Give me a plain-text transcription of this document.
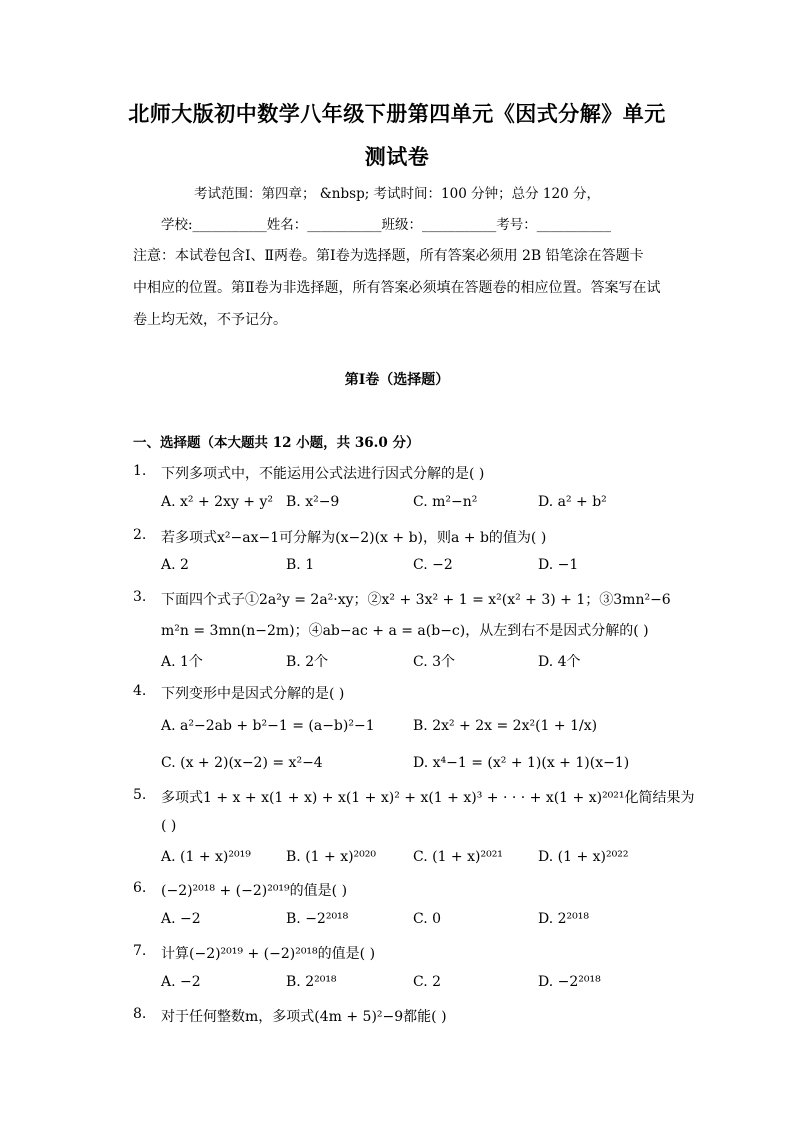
北师大版初中数学八年级下册第四单元《因式分解》单元
测试卷
考试范围：第四章； &nbsp; 考试时间：100 分钟；总分 120 分，
学校:___________姓名：___________班级：___________考号：___________
注意：本试卷包含Ⅰ、Ⅱ两卷。第Ⅰ卷为选择题，所有答案必须用 2B 铅笔涂在答题卡
中相应的位置。第Ⅱ卷为非选择题，所有答案必须填在答题卷的相应位置。答案写在试
卷上均无效，不予记分。
第Ⅰ卷（选择题）
一、选择题（本大题共 12 小题，共 36.0 分）
1. 下列多项式中，不能运用公式法进行因式分解的是( )
A. x² + 2xy + y² B. x²−9	C. m²−n²	D. a² + b²
2. 若多项式x²−ax−1可分解为(x−2)(x + b)，则a + b的值为( )
A. 2	B. 1	C. −2	D. −1
3. 下面四个式子①2a²y = 2a²·xy；②x² + 3x² + 1 = x²(x² + 3) + 1；③3mn²−6
m²n = 3mn(n−2m)；④ab−ac + a = a(b−c)，从左到右不是因式分解的( )
A. 1个	B. 2个	C. 3个	D. 4个
4. 下列变形中是因式分解的是( )
A. a²−2ab + b²−1 = (a−b)²−1	B. 2x² + 2x = 2x²(1 + 1/x)
C. (x + 2)(x−2) = x²−4	D. x⁴−1 = (x² + 1)(x + 1)(x−1)
5. 多项式1 + x + x(1 + x) + x(1 + x)² + x(1 + x)³ + · · · + x(1 + x)²⁰²¹化简结果为
( )
A. (1 + x)²⁰¹⁹	B. (1 + x)²⁰²⁰	C. (1 + x)²⁰²¹	D. (1 + x)²⁰²²
6. (−2)²⁰¹⁸ + (−2)²⁰¹⁹的值是( )
A. −2	B. −2²⁰¹⁸	C. 0	D. 2²⁰¹⁸
7. 计算(−2)²⁰¹⁹ + (−2)²⁰¹⁸的值是( )
A. −2	B. 2²⁰¹⁸	C. 2	D. −2²⁰¹⁸
8. 对于任何整数m，多项式(4m + 5)²−9都能( )
